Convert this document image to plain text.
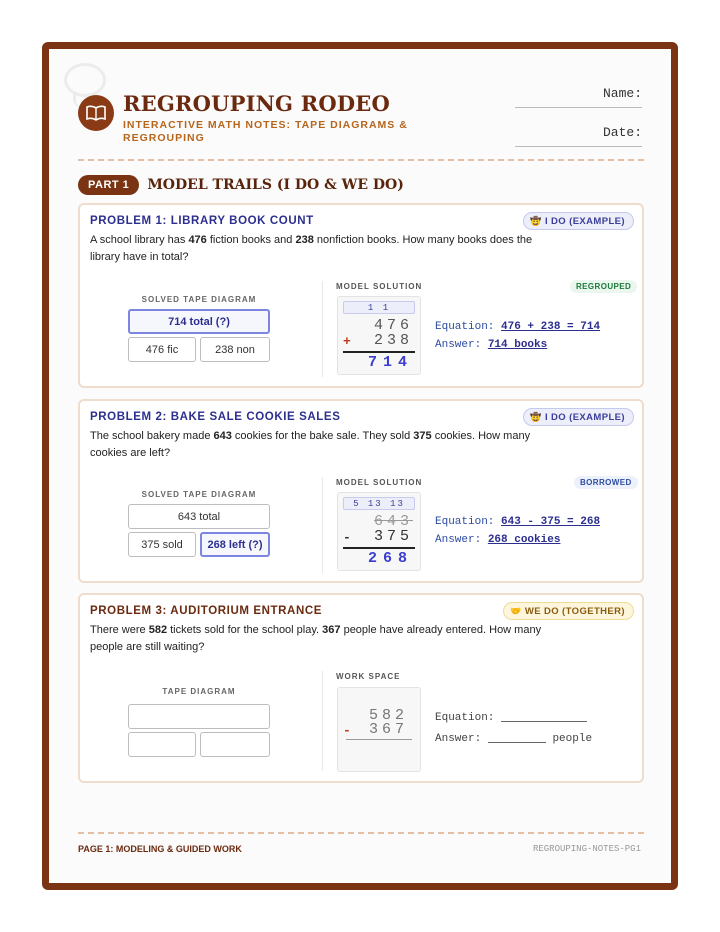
REGROUPING RODEO
INTERACTIVE MATH NOTES: TAPE DIAGRAMS & REGROUPING
Name:
Date:
PART 1	MODEL TRAILS (I DO & WE DO)
PROBLEM 1: LIBRARY BOOK COUNT	🤠 I DO (EXAMPLE)
A school library has 476 fiction books and 238 nonfiction books. How many books does the library have in total?
SOLVED TAPE DIAGRAM
714 total (?)
476 fic	238 non
MODEL SOLUTION	REGROUPED
1 1
476
+ 238
714
Equation: 476 + 238 = 714
Answer: 714 books
PROBLEM 2: BAKE SALE COOKIE SALES	🤠 I DO (EXAMPLE)
The school bakery made 643 cookies for the bake sale. They sold 375 cookies. How many cookies are left?
SOLVED TAPE DIAGRAM
643 total
375 sold	268 left (?)
MODEL SOLUTION	BORROWED
5 13 13
643
- 375
268
Equation: 643 - 375 = 268
Answer: 268 cookies
PROBLEM 3: AUDITORIUM ENTRANCE	🤝 WE DO (TOGETHER)
There were 582 tickets sold for the school play. 367 people have already entered. How many people are still waiting?
TAPE DIAGRAM
WORK SPACE
582
- 367
Equation:
Answer:	people
PAGE 1: MODELING & GUIDED WORK	REGROUPING-NOTES-PG1
